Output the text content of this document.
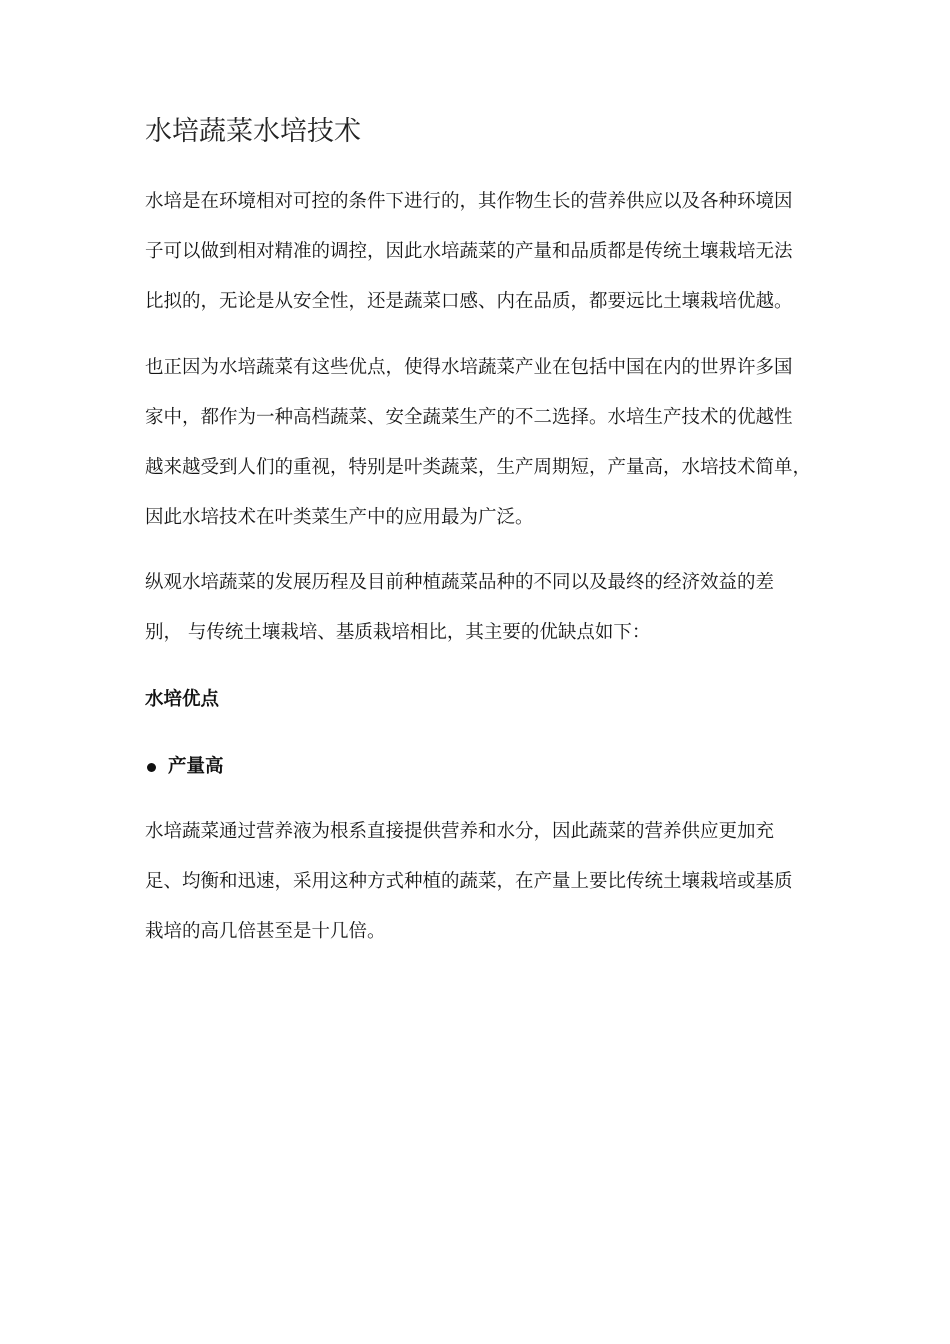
水培蔬菜水培技术

水培是在环境相对可控的条件下进行的，其作物生长的营养供应以及各种环境因
子可以做到相对精准的调控，因此水培蔬菜的产量和品质都是传统土壤栽培无法
比拟的，无论是从安全性，还是蔬菜口感、内在品质，都要远比土壤栽培优越。

也正因为水培蔬菜有这些优点，使得水培蔬菜产业在包括中国在内的世界许多国
家中，都作为一种高档蔬菜、安全蔬菜生产的不二选择。水培生产技术的优越性
越来越受到人们的重视，特别是叶类蔬菜，生产周期短，产量高，水培技术简单，
因此水培技术在叶类菜生产中的应用最为广泛。

纵观水培蔬菜的发展历程及目前种植蔬菜品种的不同以及最终的经济效益的差
别， 与传统土壤栽培、基质栽培相比，其主要的优缺点如下：

水培优点

产量高

水培蔬菜通过营养液为根系直接提供营养和水分，因此蔬菜的营养供应更加充
足、均衡和迅速，采用这种方式种植的蔬菜，在产量上要比传统土壤栽培或基质
栽培的高几倍甚至是十几倍。
